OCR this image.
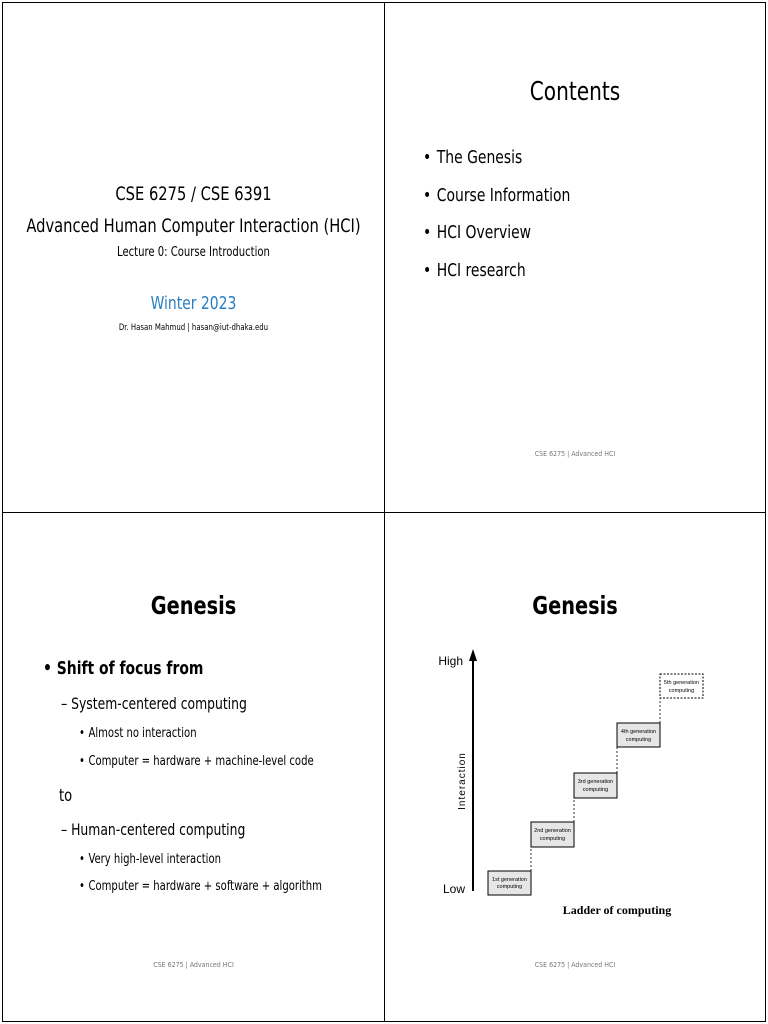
CSE 6275 / CSE 6391
Advanced Human Computer Interaction (HCI)
Lecture 0: Course Introduction
Winter 2023
Dr. Hasan Mahmud | hasan@iut-dhaka.edu
Contents
• The Genesis
• Course Information
• HCI Overview
• HCI research
CSE 6275 | Advanced HCI
Genesis
• Shift of focus from
– System-centered computing
• Almost no interaction
• Computer = hardware + machine-level code
to
– Human-centered computing
• Very high-level interaction
• Computer = hardware + software + algorithm
CSE 6275 | Advanced HCI
Genesis
High
Low
Interaction
1st generation
computing
2nd generation
computing
3rd generation
computing
4th generation
computing
5th generation
computing
Ladder of computing
CSE 6275 | Advanced HCI
